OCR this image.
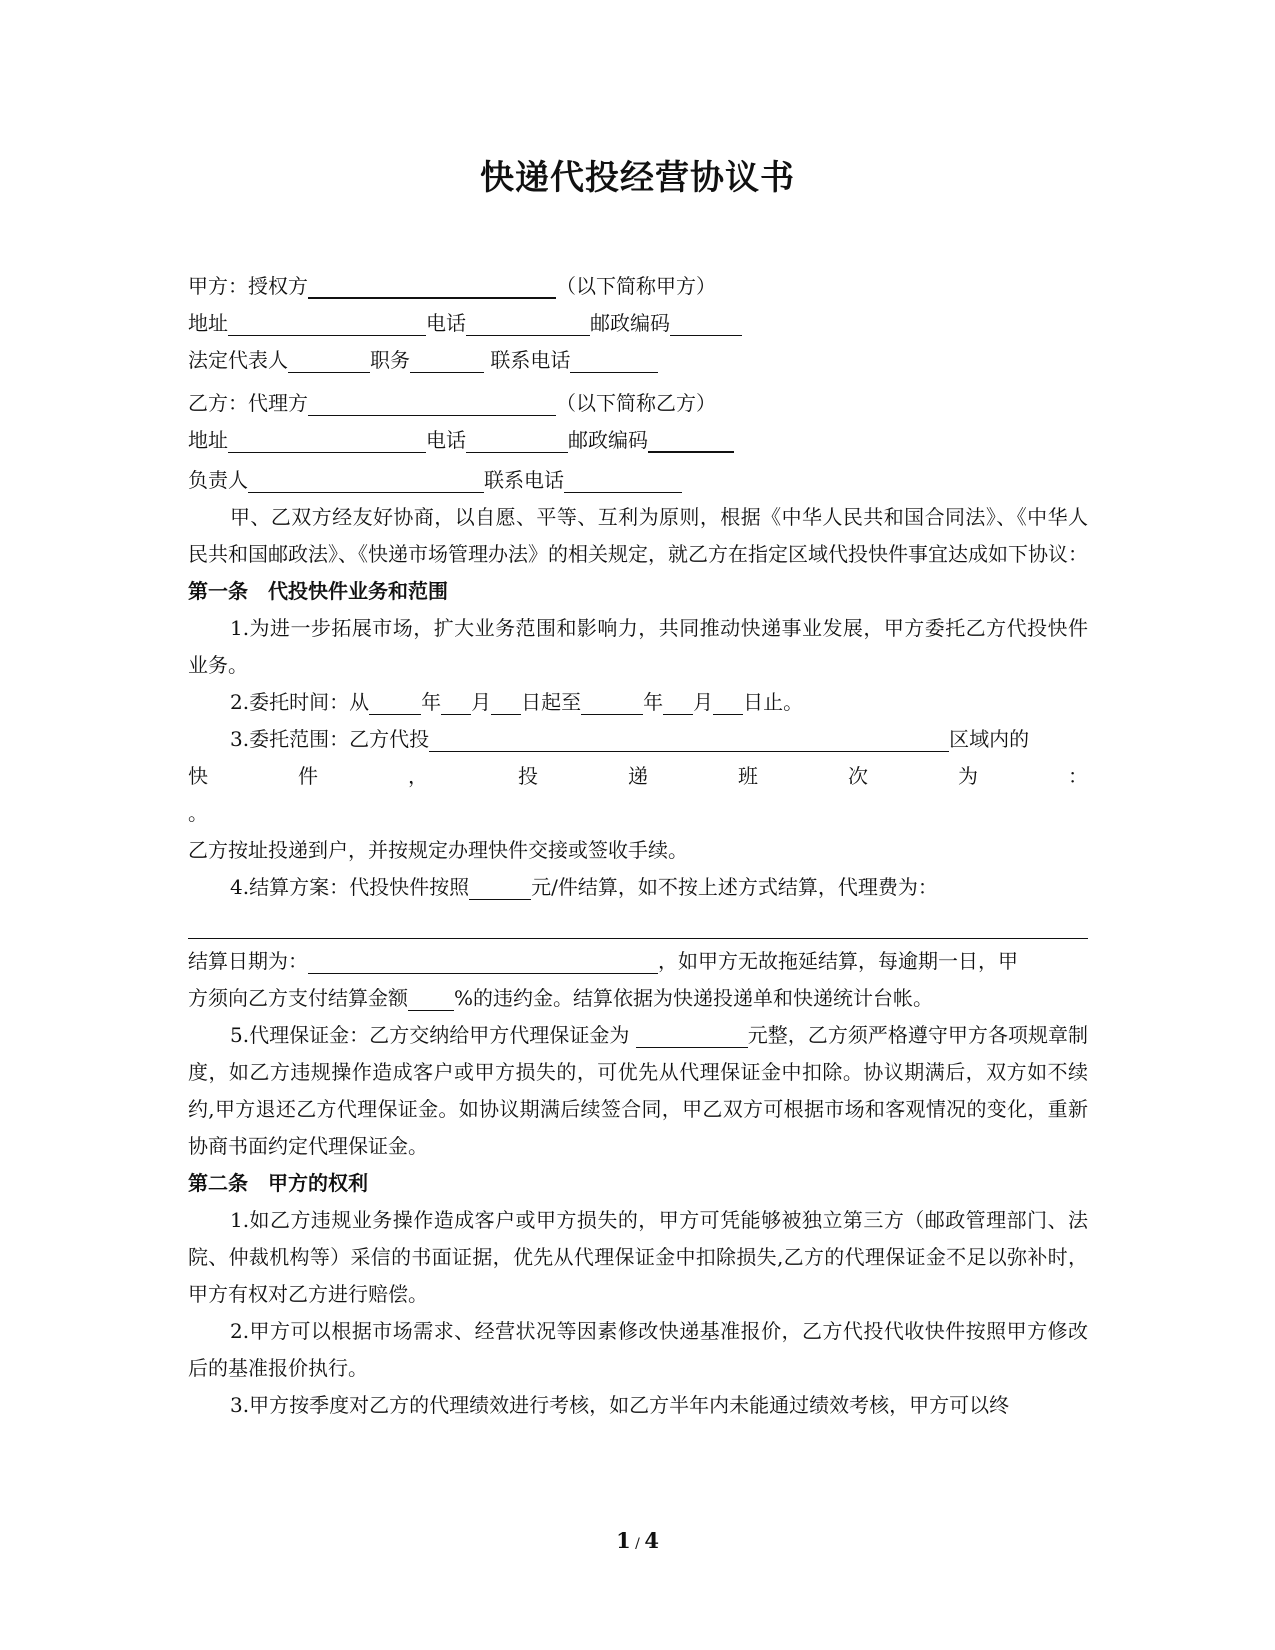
快递代投经营协议书
甲方：授权方	（以下简称甲方）
地址	电话	邮政编码
法定代表人	职务	联系电话
乙方：代理方	（以下简称乙方）
地址	电话	邮政编码
负责人	联系电话
甲、乙双方经友好协商，以自愿、平等、互利为原则，根据《中华人民共和国合同法》、《中华人民共和国邮政法》、《快递市场管理办法》的相关规定，就乙方在指定区域代投快件事宜达成如下协议：
第一条　代投快件业务和范围
1.为进一步拓展市场，扩大业务范围和影响力，共同推动快递事业发展，甲方委托乙方代投快件业务。
2.委托时间：从	年 月 日起至	年 月 日止。
3.委托范围：乙方代投	区域内的
快	件	，	投	递	班	次	为	：
。
乙方按址投递到户，并按规定办理快件交接或签收手续。
4.结算方案：代投快件按照	元/件结算，如不按上述方式结算，代理费为：
结算日期为：	，如甲方无故拖延结算，每逾期一日，甲
方须向乙方支付结算金额 %的违约金。结算依据为快递投递单和快递统计台帐。
5.代理保证金：乙方交纳给甲方代理保证金为	元整，乙方须严格遵守甲方各项规章制度，如乙方违规操作造成客户或甲方损失的，可优先从代理保证金中扣除。协议期满后，双方如不续约,甲方退还乙方代理保证金。如协议期满后续签合同，甲乙双方可根据市场和客观情况的变化，重新协商书面约定代理保证金。
第二条　甲方的权利
1.如乙方违规业务操作造成客户或甲方损失的，甲方可凭能够被独立第三方（邮政管理部门、法院、仲裁机构等）采信的书面证据，优先从代理保证金中扣除损失,乙方的代理保证金不足以弥补时，甲方有权对乙方进行赔偿。
2.甲方可以根据市场需求、经营状况等因素修改快递基准报价，乙方代投代收快件按照甲方修改后的基准报价执行。
3.甲方按季度对乙方的代理绩效进行考核，如乙方半年内未能通过绩效考核，甲方可以终
1 / 4
